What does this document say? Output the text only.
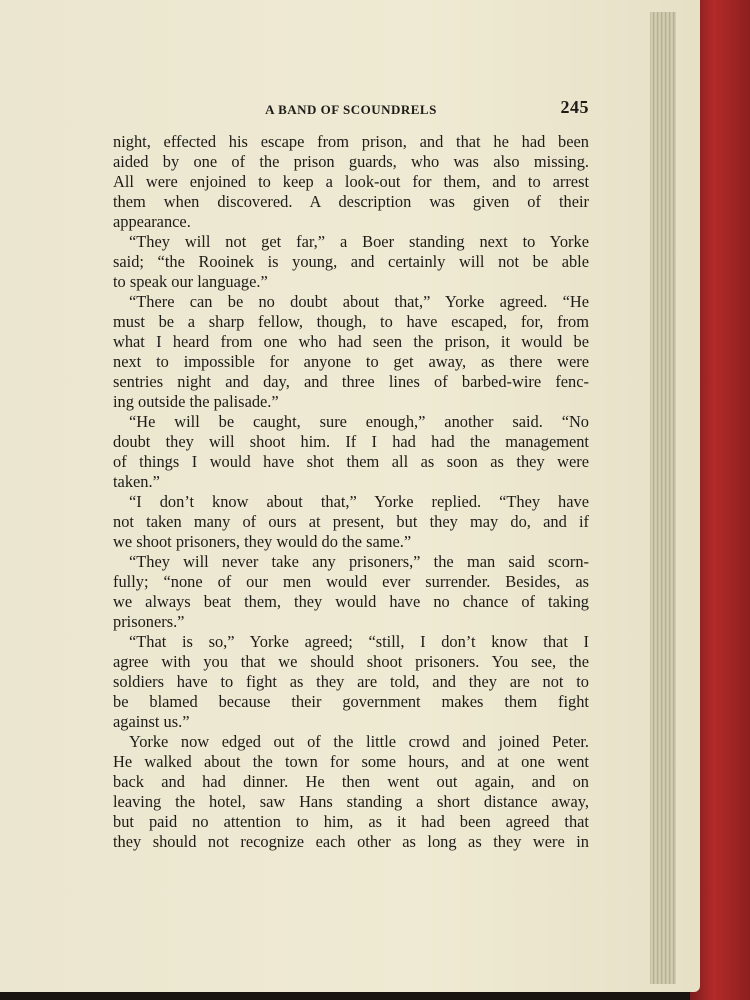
A BAND OF SCOUNDRELS	245
night, effected his escape from prison, and that he had been
aided by one of the prison guards, who was also missing.
All were enjoined to keep a look-out for them, and to arrest
them when discovered. A description was given of their
appearance.
“They will not get far,” a Boer standing next to Yorke
said; “the Rooinek is young, and certainly will not be able
to speak our language.”
“There can be no doubt about that,” Yorke agreed. “He
must be a sharp fellow, though, to have escaped, for, from
what I heard from one who had seen the prison, it would be
next to impossible for anyone to get away, as there were
sentries night and day, and three lines of barbed-wire fenc-
ing outside the palisade.”
“He will be caught, sure enough,” another said. “No
doubt they will shoot him. If I had had the management
of things I would have shot them all as soon as they were
taken.”
“I don’t know about that,” Yorke replied. “They have
not taken many of ours at present, but they may do, and if
we shoot prisoners, they would do the same.”
“They will never take any prisoners,” the man said scorn-
fully; “none of our men would ever surrender. Besides, as
we always beat them, they would have no chance of taking
prisoners.”
“That is so,” Yorke agreed; “still, I don’t know that I
agree with you that we should shoot prisoners. You see, the
soldiers have to fight as they are told, and they are not to
be blamed because their government makes them fight
against us.”
Yorke now edged out of the little crowd and joined Peter.
He walked about the town for some hours, and at one went
back and had dinner. He then went out again, and on
leaving the hotel, saw Hans standing a short distance away,
but paid no attention to him, as it had been agreed that
they should not recognize each other as long as they were in
